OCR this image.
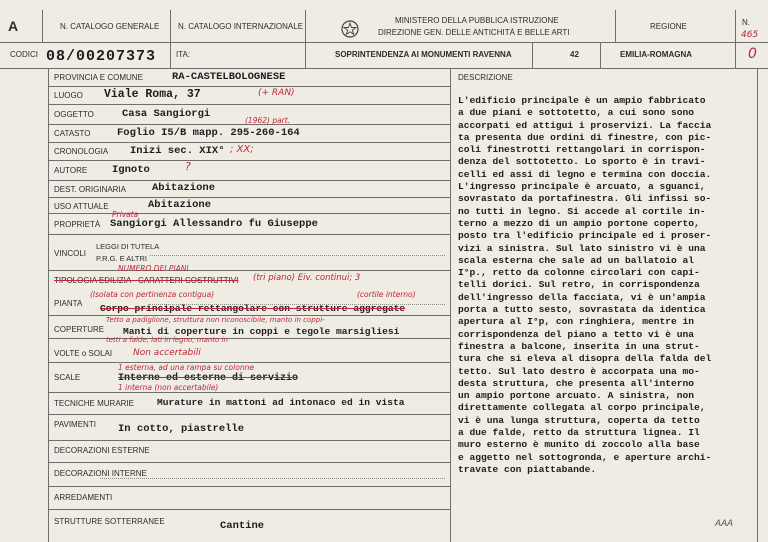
A	N. CATALOGO GENERALE N. CATALOGO INTERNAZIONALE
MINISTERO DELLA PUBBLICA ISTRUZIONE
DIREZIONE GEN. DELLE ANTICHITÀ E BELLE ARTI
REGIONE	N.
465
CODICI 08/00207373 ITA:	SOPRINTENDENZA AI MONUMENTI RAVENNA	42	EMILIA-ROMAGNA	0
PROVINCIA E COMUNE	RA-CASTELBOLOGNESE
LUOGO Viale Roma, 37	(+ RAN)
OGGETTO	Casa Sangiorgi
CATASTO
(1962) part.
Foglio I5/B mapp. 295-260-164
CRONOLOGIA Inizi sec. XIX° ; XX;
AUTORE Ignoto	?
DEST. ORIGINARIA Abitazione
USO ATTUALE	Abitazione
PROPRIETÀ
Privata
Sangiorgi Allessandro fu Giuseppe
VINCOLI
LEGGI DI TUTELA
P.R.G. E ALTRI
NUMERO DEI PIANI
TIPOLOGIA EDILIZIA - CARATTERI COSTRUTTIVI (tri piano) Eiv. continui; 3
PIANTA
(Isolata con pertinenza contigua)	(cortile interno)
Corpo principale rettangolare con strutture aggregate
COPERTURE
Tetto a padiglione, struttura non riconoscibile, manto in coppi-
Manti di coperture in coppi e tegole marsigliesi
tetti a falde, lati in legno, manto in
VOLTE o SOLAI Non accertabili
SCALE
1 esterna, ad una rampa su colonne
Interne ed esterne di servizio
1 interna (non accertabile)
TECNICHE MURARIE Murature in mattoni ad intonaco ed in vista
PAVIMENTI In cotto, piastrelle
DECORAZIONI ESTERNE
DECORAZIONI INTERNE
ARREDAMENTI
STRUTTURE SOTTERRANEE	Cantine
DESCRIZIONE
L'edificio principale è un ampio fabbricato
a due piani e sottotetto, a cui sono sono
accorpati ed attigui i proservizi. La faccia
ta presenta due ordini di finestre, con pic-
coli finestrotti rettangolari in corrispon-
denza del sottotetto. Lo sporto è in travi-
celli ed assi di legno e termina con doccia.
L'ingresso principale è arcuato, a sguanci,
sovrastato da portafinestra. Gli infissi so-
no tutti in legno. Si accede al cortile in-
terno a mezzo di un ampio portone coperto,
posto tra l'edificio principale ed i proser-
vizi a sinistra. Sul lato sinistro vi è una
scala esterna che sale ad un ballatoio al
I°p., retto da colonne circolari con capi-
telli dorici. Sul retro, in corrispondenza
dell'ingresso della facciata, vi è un'ampia
porta a tutto sesto, sovrastata da identica
apertura al I°p, con ringhiera, mentre in
corrispondenza del piano a tetto vi è una
finestra a balcone, inserita in una strut-
tura che si eleva al disopra della falda del
tetto. Sul lato destro è accorpata una mo-
desta struttura, che presenta all'interno
un ampio portone arcuato. A sinistra, non
direttamente collegata al corpo principale,
vi è una lunga struttura, coperta da tetto
a due falde, retto da struttura lignea. Il
muro esterno è munito di zoccolo alla base
e aggetto nel sottogronda, e aperture archi-
travate con piattabande.
AAA
